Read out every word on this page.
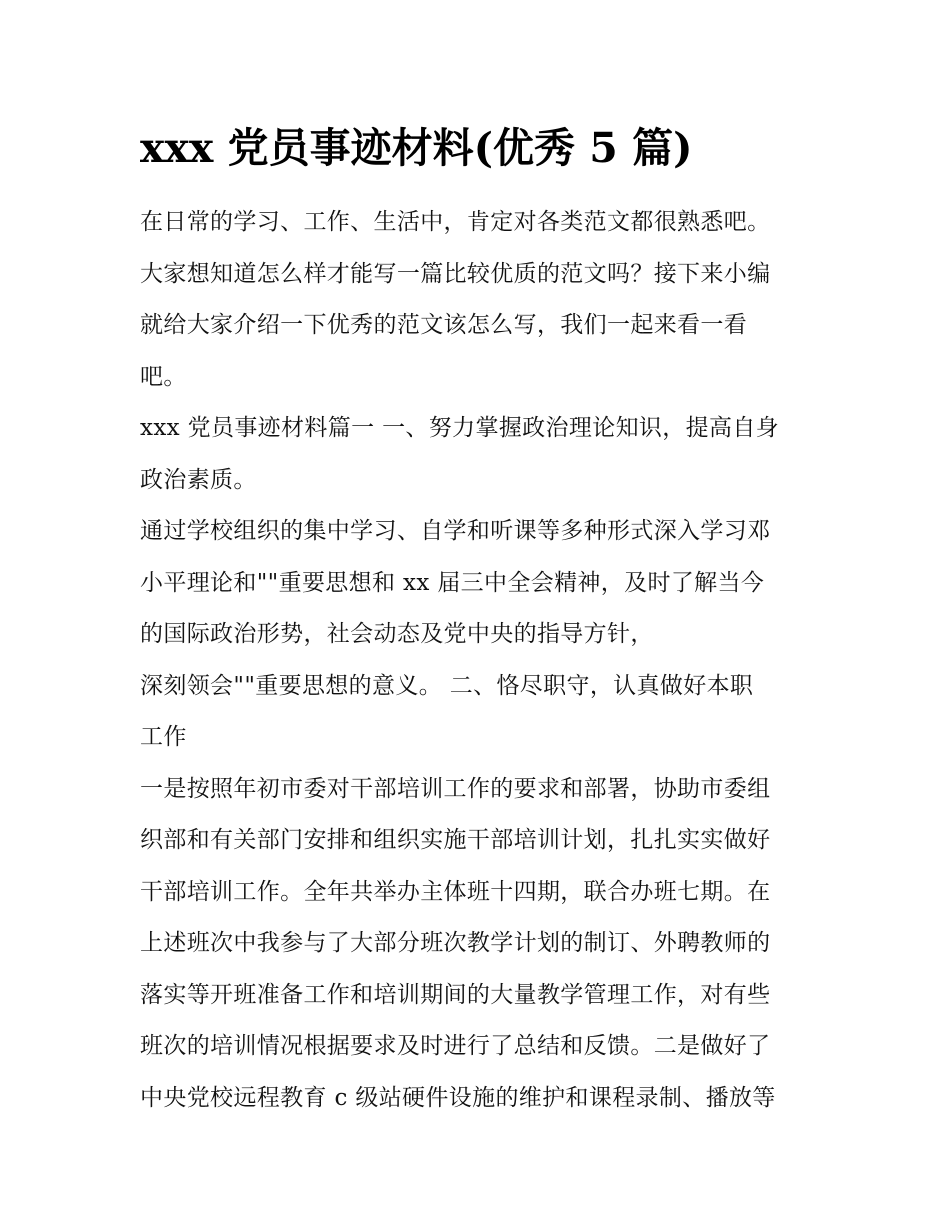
xxx 党员事迹材料(优秀 5 篇)
在日常的学习、工作、生活中，肯定对各类范文都很熟悉吧。
大家想知道怎么样才能写一篇比较优质的范文吗？接下来小编
就给大家介绍一下优秀的范文该怎么写，我们一起来看一看
吧。
xxx 党员事迹材料篇一 一、努力掌握政治理论知识，提高自身
政治素质。
通过学校组织的集中学习、自学和听课等多种形式深入学习邓
小平理论和""重要思想和 xx 届三中全会精神，及时了解当今
的国际政治形势，社会动态及党中央的指导方针，
深刻领会""重要思想的意义。 二、恪尽职守，认真做好本职
工作
一是按照年初市委对干部培训工作的要求和部署，协助市委组
织部和有关部门安排和组织实施干部培训计划，扎扎实实做好
干部培训工作。全年共举办主体班十四期，联合办班七期。在
上述班次中我参与了大部分班次教学计划的制订、外聘教师的
落实等开班准备工作和培训期间的大量教学管理工作，对有些
班次的培训情况根据要求及时进行了总结和反馈。二是做好了
中央党校远程教育 c 级站硬件设施的维护和课程录制、播放等
